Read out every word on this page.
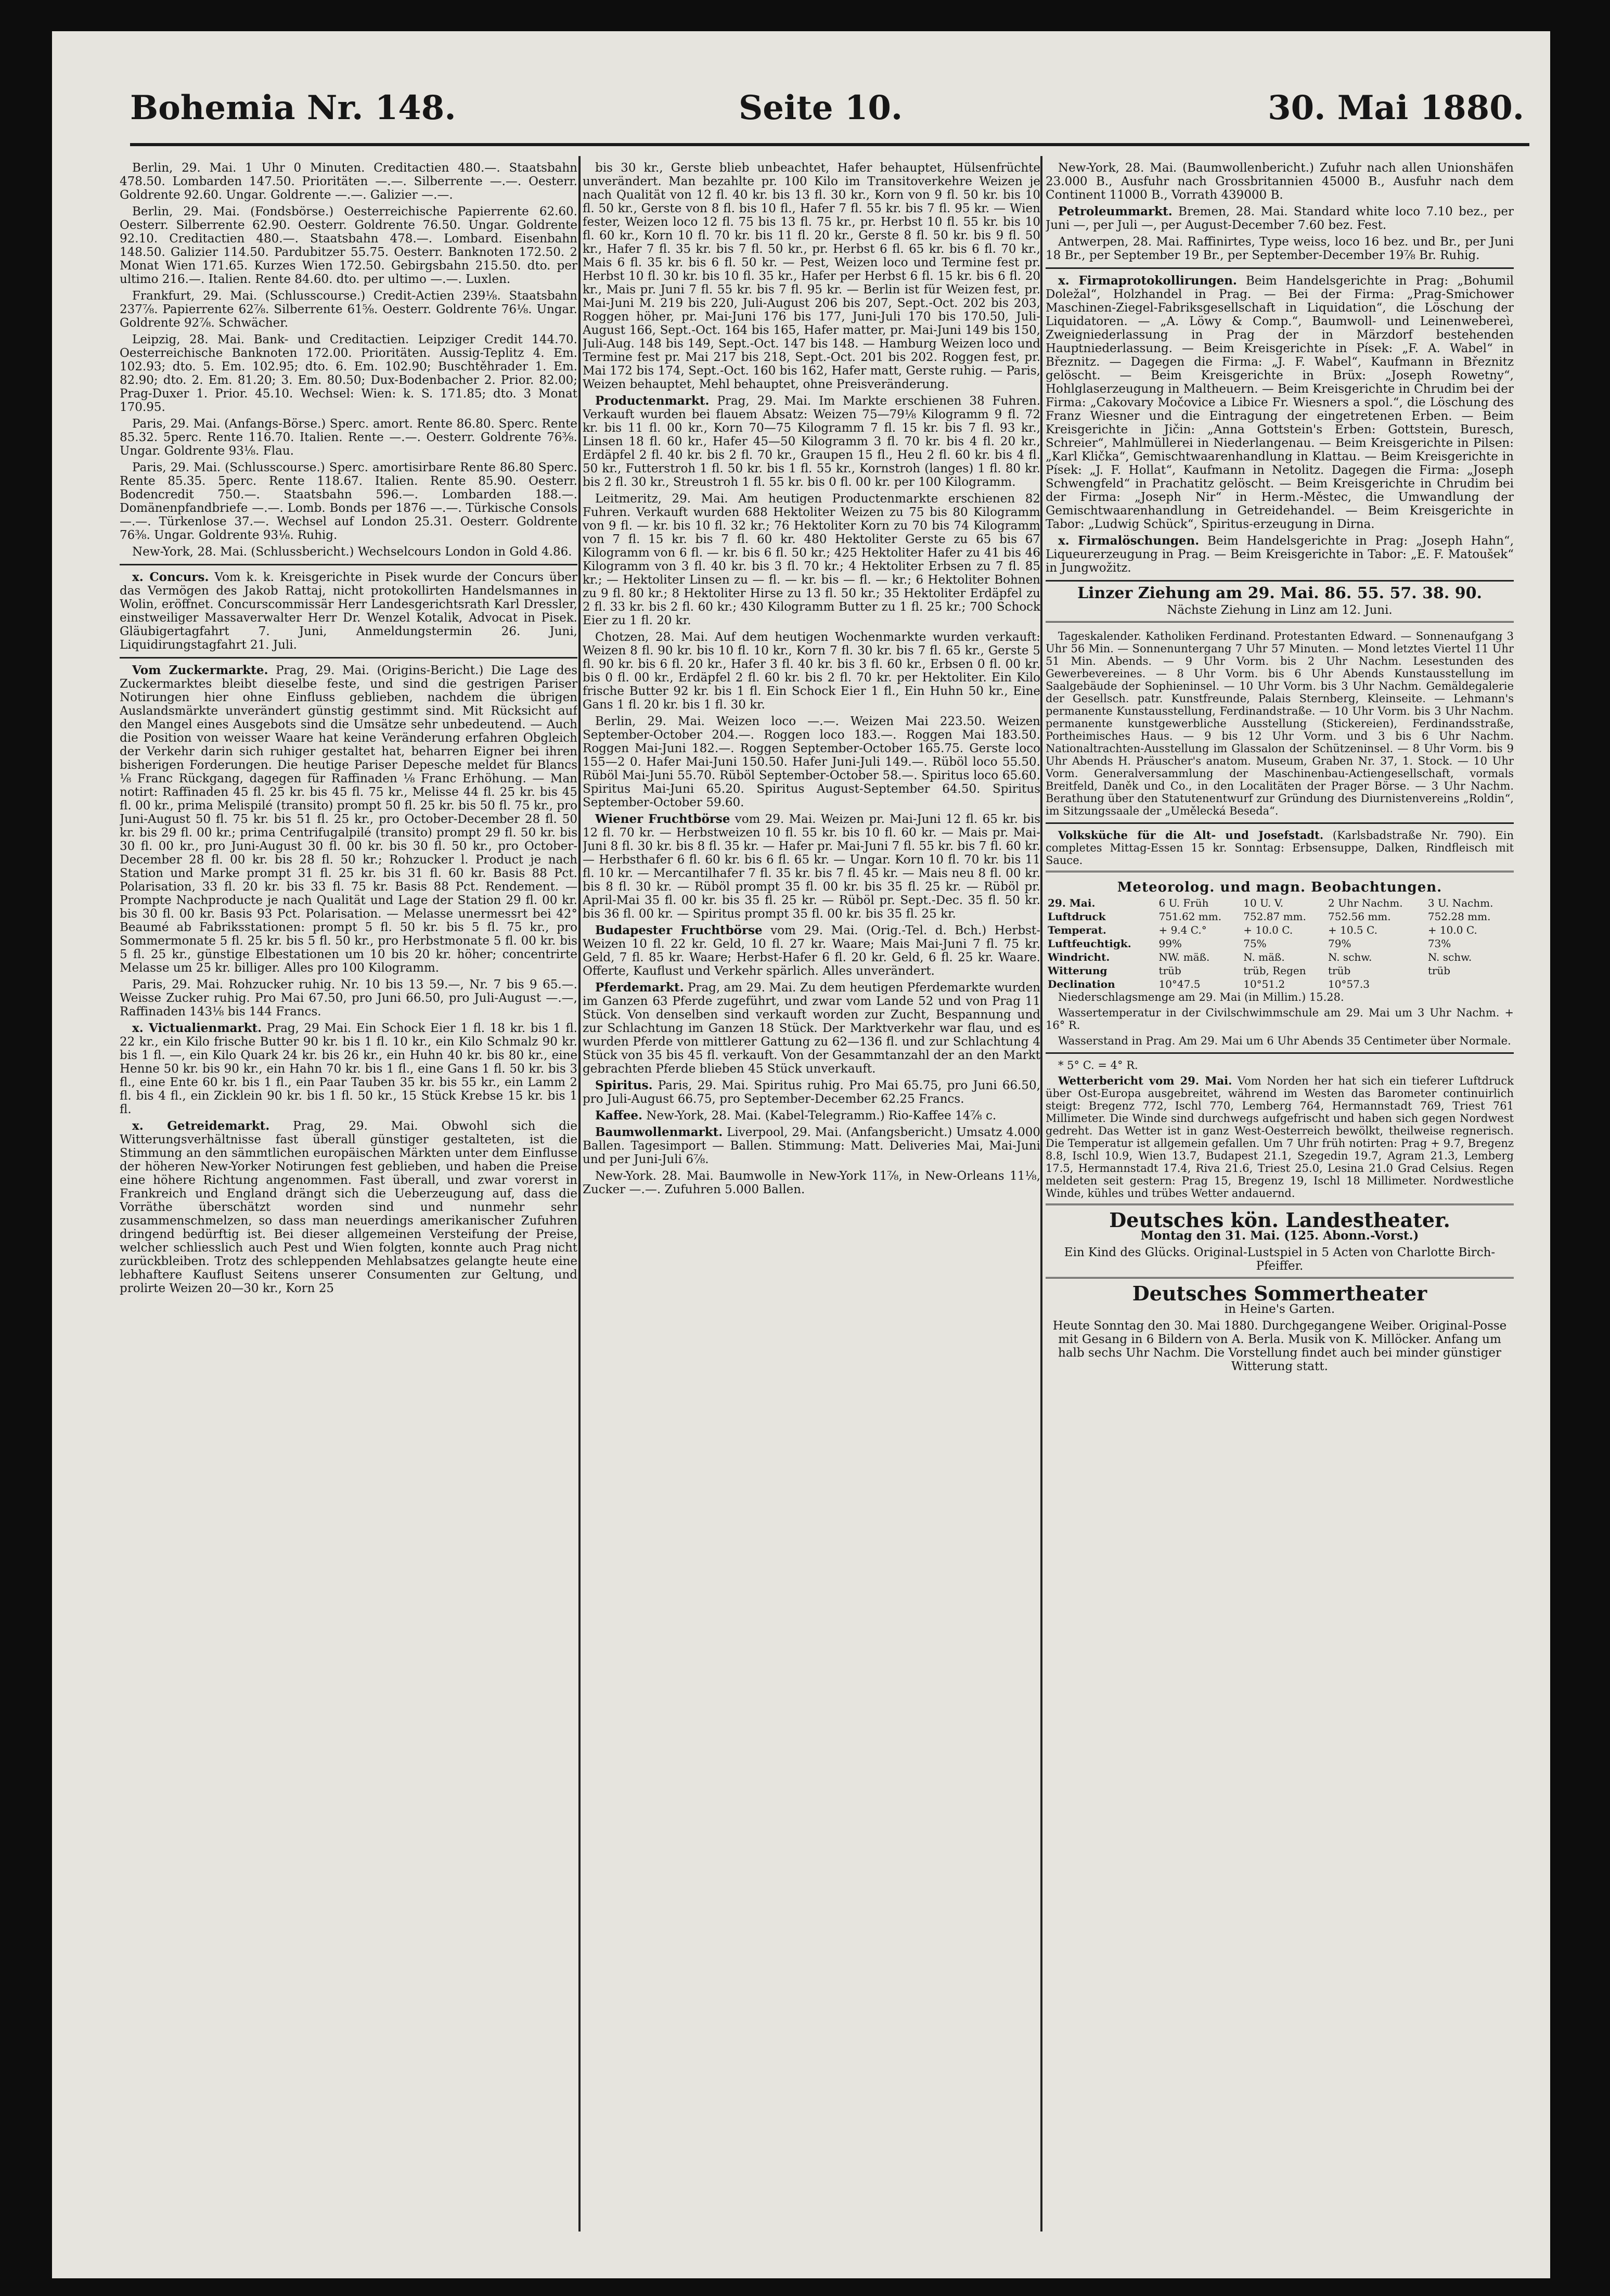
Bohemia Nr. 148.	Seite 10.	30. Mai 1880.

Berlin, 29. Mai. 1 Uhr 0 Minuten. Creditactien 480.—. Staatsbahn 478.50. Lombarden 147.50. Prioritäten —.—. Silberrente —.—. Oesterr. Goldrente 92.60. Ungar. Goldrente —.—. Galizier —.—.

Berlin, 29. Mai. (Fondsbörse.) Oesterreichische Papierrente 62.60. Oesterr. Silberrente 62.90. Oesterr. Goldrente 76.50. Ungar. Goldrente 92.10. Creditactien 480.—. Staatsbahn 478.—. Lombard. Eisenbahn 148.50. Galizier 114.50. Pardubitzer 55.75. Oesterr. Banknoten 172.50. 2 Monat Wien 171.65. Kurzes Wien 172.50. Gebirgsbahn 215.50. dto. per ultimo 216.—. Italien. Rente 84.60. dto. per ultimo —.—. Luxlen.

Frankfurt, 29. Mai. (Schlusscourse.) Credit-Actien 239⅛. Staatsbahn 237⅞. Papierrente 62⅞. Silberrente 61⅝. Oesterr. Goldrente 76⅛. Ungar. Goldrente 92⅞. Schwächer.

Leipzig, 28. Mai. Bank- und Creditactien. Leipziger Credit 144.70. Oesterreichische Banknoten 172.00. Prioritäten. Aussig-Teplitz 4. Em. 102.93; dto. 5. Em. 102.95; dto. 6. Em. 102.90; Buschtěhrader 1. Em. 82.90; dto. 2. Em. 81.20; 3. Em. 80.50; Dux-Bodenbacher 2. Prior. 82.00; Prag-Duxer 1. Prior. 45.10. Wechsel: Wien: k. S. 171.85; dto. 3 Monat 170.95.

Paris, 29. Mai. (Anfangs-Börse.) Sperc. amort. Rente 86.80. Sperc. Rente 85.32. 5perc. Rente 116.70. Italien. Rente —.—. Oesterr. Goldrente 76⅜. Ungar. Goldrente 93⅛. Flau.

Paris, 29. Mai. (Schlusscourse.) Sperc. amortisirbare Rente 86.80 Sperc. Rente 85.35. 5perc. Rente 118.67. Italien. Rente 85.90. Oesterr. Bodencredit 750.—. Staatsbahn 596.—. Lombarden 188.—. Domänenpfandbriefe —.—. Lomb. Bonds per 1876 —.—. Türkische Consols —.—. Türkenlose 37.—. Wechsel auf London 25.31. Oesterr. Goldrente 76⅜. Ungar. Goldrente 93⅛. Ruhig.

New-York, 28. Mai. (Schlussbericht.) Wechselcours London in Gold 4.86.

x. Concurs. Vom k. k. Kreisgerichte in Pisek wurde der Concurs über das Vermögen des Jakob Rattaj, nicht protokollirten Handelsmannes in Wolin, eröffnet. Concurscommissär Herr Landesgerichtsrath Karl Dressler, einstweiliger Massaverwalter Herr Dr. Wenzel Kotalik, Advocat in Pisek. Gläubigertagfahrt 7. Juni, Anmeldungstermin 26. Juni, Liquidirungstagfahrt 21. Juli.

Vom Zuckermarkte. Prag, 29. Mai. (Origins-Bericht.) Die Lage des Zuckermarktes bleibt dieselbe feste, und sind die gestrigen Pariser Notirungen hier ohne Einfluss geblieben, nachdem die übrigen Auslandsmärkte unverändert günstig gestimmt sind. Mit Rücksicht auf den Mangel eines Ausgebots sind die Umsätze sehr unbedeutend. — Auch die Position von weisser Waare hat keine Veränderung erfahren Obgleich der Verkehr darin sich ruhiger gestaltet hat, beharren Eigner bei ihren bisherigen Forderungen. Die heutige Pariser Depesche meldet für Blancs ⅛ Franc Rückgang, dagegen für Raffinaden ⅛ Franc Erhöhung. — Man notirt: Raffinaden 45 fl. 25 kr. bis 45 fl. 75 kr., Melisse 44 fl. 25 kr. bis 45 fl. 00 kr., prima Melispilé (transito) prompt 50 fl. 25 kr. bis 50 fl. 75 kr., pro Juni-August 50 fl. 75 kr. bis 51 fl. 25 kr., pro October-December 28 fl. 50 kr. bis 29 fl. 00 kr.; prima Centrifugalpilé (transito) prompt 29 fl. 50 kr. bis 30 fl. 00 kr., pro Juni-August 30 fl. 00 kr. bis 30 fl. 50 kr., pro October-December 28 fl. 00 kr. bis 28 fl. 50 kr.; Rohzucker l. Product je nach Station und Marke prompt 31 fl. 25 kr. bis 31 fl. 60 kr. Basis 88 Pct. Polarisation, 33 fl. 20 kr. bis 33 fl. 75 kr. Basis 88 Pct. Rendement. — Prompte Nachproducte je nach Qualität und Lage der Station 29 fl. 00 kr. bis 30 fl. 00 kr. Basis 93 Pct. Polarisation. — Melasse unermessrt bei 42° Beaumé ab Fabriksstationen: prompt 5 fl. 50 kr. bis 5 fl. 75 kr., pro Sommermonate 5 fl. 25 kr. bis 5 fl. 50 kr., pro Herbstmonate 5 fl. 00 kr. bis 5 fl. 25 kr., günstige Elbestationen um 10 bis 20 kr. höher; concentrirte Melasse um 25 kr. billiger. Alles pro 100 Kilogramm.

Paris, 29. Mai. Rohzucker ruhig. Nr. 10 bis 13 59.—, Nr. 7 bis 9 65.—. Weisse Zucker ruhig. Pro Mai 67.50, pro Juni 66.50, pro Juli-August —.—, Raffinaden 143⅛ bis 144 Francs.

x. Victualienmarkt. Prag, 29 Mai. Ein Schock Eier 1 fl. 18 kr. bis 1 fl. 22 kr., ein Kilo frische Butter 90 kr. bis 1 fl. 10 kr., ein Kilo Schmalz 90 kr. bis 1 fl. —, ein Kilo Quark 24 kr. bis 26 kr., ein Huhn 40 kr. bis 80 kr., eine Henne 50 kr. bis 90 kr., ein Hahn 70 kr. bis 1 fl., eine Gans 1 fl. 50 kr. bis 3 fl., eine Ente 60 kr. bis 1 fl., ein Paar Tauben 35 kr. bis 55 kr., ein Lamm 2 fl. bis 4 fl., ein Zicklein 90 kr. bis 1 fl. 50 kr., 15 Stück Krebse 15 kr. bis 1 fl.

x. Getreidemarkt. Prag, 29. Mai. Obwohl sich die Witterungsverhältnisse fast überall günstiger gestalteten, ist die Stimmung an den sämmtlichen europäischen Märkten unter dem Einflusse der höheren New-Yorker Notirungen fest geblieben, und haben die Preise eine höhere Richtung angenommen. Fast überall, und zwar vorerst in Frankreich und England drängt sich die Ueberzeugung auf, dass die Vorräthe überschätzt worden sind und nunmehr sehr zusammenschmelzen, so dass man neuerdings amerikanischer Zufuhren dringend bedürftig ist. Bei dieser allgemeinen Versteifung der Preise, welcher schliesslich auch Pest und Wien folgten, konnte auch Prag nicht zurückbleiben. Trotz des schleppenden Mehlabsatzes gelangte heute eine lebhaftere Kauflust Seitens unserer Consumenten zur Geltung, und prolirte Weizen 20—30 kr., Korn 25

bis 30 kr., Gerste blieb unbeachtet, Hafer behauptet, Hülsenfrüchte unverändert. Man bezahlte pr. 100 Kilo im Transitoverkehre Weizen je nach Qualität von 12 fl. 40 kr. bis 13 fl. 30 kr., Korn von 9 fl. 50 kr. bis 10 fl. 50 kr., Gerste von 8 fl. bis 10 fl., Hafer 7 fl. 55 kr. bis 7 fl. 95 kr. — Wien fester, Weizen loco 12 fl. 75 bis 13 fl. 75 kr., pr. Herbst 10 fl. 55 kr. bis 10 fl. 60 kr., Korn 10 fl. 70 kr. bis 11 fl. 20 kr., Gerste 8 fl. 50 kr. bis 9 fl. 50 kr., Hafer 7 fl. 35 kr. bis 7 fl. 50 kr., pr. Herbst 6 fl. 65 kr. bis 6 fl. 70 kr., Mais 6 fl. 35 kr. bis 6 fl. 50 kr. — Pest, Weizen loco und Termine fest pr. Herbst 10 fl. 30 kr. bis 10 fl. 35 kr., Hafer per Herbst 6 fl. 15 kr. bis 6 fl. 20 kr., Mais pr. Juni 7 fl. 55 kr. bis 7 fl. 95 kr. — Berlin ist für Weizen fest, pr. Mai-Juni M. 219 bis 220, Juli-August 206 bis 207, Sept.-Oct. 202 bis 203, Roggen höher, pr. Mai-Juni 176 bis 177, Juni-Juli 170 bis 170.50, Juli-August 166, Sept.-Oct. 164 bis 165, Hafer matter, pr. Mai-Juni 149 bis 150, Juli-Aug. 148 bis 149, Sept.-Oct. 147 bis 148. — Hamburg Weizen loco und Termine fest pr. Mai 217 bis 218, Sept.-Oct. 201 bis 202. Roggen fest, pr. Mai 172 bis 174, Sept.-Oct. 160 bis 162, Hafer matt, Gerste ruhig. — Paris, Weizen behauptet, Mehl behauptet, ohne Preisveränderung.

Productenmarkt. Prag, 29. Mai. Im Markte erschienen 38 Fuhren. Verkauft wurden bei flauem Absatz: Weizen 75—79⅛ Kilogramm 9 fl. 72 kr. bis 11 fl. 00 kr., Korn 70—75 Kilogramm 7 fl. 15 kr. bis 7 fl. 93 kr., Linsen 18 fl. 60 kr., Hafer 45—50 Kilogramm 3 fl. 70 kr. bis 4 fl. 20 kr., Erdäpfel 2 fl. 40 kr. bis 2 fl. 70 kr., Graupen 15 fl., Heu 2 fl. 60 kr. bis 4 fl. 50 kr., Futterstroh 1 fl. 50 kr. bis 1 fl. 55 kr., Kornstroh (langes) 1 fl. 80 kr. bis 2 fl. 30 kr., Streustroh 1 fl. 55 kr. bis 0 fl. 00 kr. per 100 Kilogramm.

Leitmeritz, 29. Mai. Am heutigen Productenmarkte erschienen 82 Fuhren. Verkauft wurden 688 Hektoliter Weizen zu 75 bis 80 Kilogramm von 9 fl. — kr. bis 10 fl. 32 kr.; 76 Hektoliter Korn zu 70 bis 74 Kilogramm von 7 fl. 15 kr. bis 7 fl. 60 kr. 480 Hektoliter Gerste zu 65 bis 67 Kilogramm von 6 fl. — kr. bis 6 fl. 50 kr.; 425 Hektoliter Hafer zu 41 bis 46 Kilogramm von 3 fl. 40 kr. bis 3 fl. 70 kr.; 4 Hektoliter Erbsen zu 7 fl. 85 kr.; — Hektoliter Linsen zu — fl. — kr. bis — fl. — kr.; 6 Hektoliter Bohnen zu 9 fl. 80 kr.; 8 Hektoliter Hirse zu 13 fl. 50 kr.; 35 Hektoliter Erdäpfel zu 2 fl. 33 kr. bis 2 fl. 60 kr.; 430 Kilogramm Butter zu 1 fl. 25 kr.; 700 Schock Eier zu 1 fl. 20 kr.

Chotzen, 28. Mai. Auf dem heutigen Wochenmarkte wurden verkauft: Weizen 8 fl. 90 kr. bis 10 fl. 10 kr., Korn 7 fl. 30 kr. bis 7 fl. 65 kr., Gerste 5 fl. 90 kr. bis 6 fl. 20 kr., Hafer 3 fl. 40 kr. bis 3 fl. 60 kr., Erbsen 0 fl. 00 kr. bis 0 fl. 00 kr., Erdäpfel 2 fl. 60 kr. bis 2 fl. 70 kr. per Hektoliter. Ein Kilo frische Butter 92 kr. bis 1 fl. Ein Schock Eier 1 fl., Ein Huhn 50 kr., Eine Gans 1 fl. 20 kr. bis 1 fl. 30 kr.

Berlin, 29. Mai. Weizen loco —.—. Weizen Mai 223.50. Weizen September-October 204.—. Roggen loco 183.—. Roggen Mai 183.50. Roggen Mai-Juni 182.—. Roggen September-October 165.75. Gerste loco 155—2 0. Hafer Mai-Juni 150.50. Hafer Juni-Juli 149.—. Rüböl loco 55.50. Rüböl Mai-Juni 55.70. Rüböl September-October 58.—. Spiritus loco 65.60. Spiritus Mai-Juni 65.20. Spiritus August-September 64.50. Spiritus September-October 59.60.

Wiener Fruchtbörse vom 29. Mai. Weizen pr. Mai-Juni 12 fl. 65 kr. bis 12 fl. 70 kr. — Herbstweizen 10 fl. 55 kr. bis 10 fl. 60 kr. — Mais pr. Mai-Juni 8 fl. 30 kr. bis 8 fl. 35 kr. — Hafer pr. Mai-Juni 7 fl. 55 kr. bis 7 fl. 60 kr. — Herbsthafer 6 fl. 60 kr. bis 6 fl. 65 kr. — Ungar. Korn 10 fl. 70 kr. bis 11 fl. 10 kr. — Mercantilhafer 7 fl. 35 kr. bis 7 fl. 45 kr. — Mais neu 8 fl. 00 kr. bis 8 fl. 30 kr. — Rüböl prompt 35 fl. 00 kr. bis 35 fl. 25 kr. — Rüböl pr. April-Mai 35 fl. 00 kr. bis 35 fl. 25 kr. — Rüböl pr. Sept.-Dec. 35 fl. 50 kr. bis 36 fl. 00 kr. — Spiritus prompt 35 fl. 00 kr. bis 35 fl. 25 kr.

Budapester Fruchtbörse vom 29. Mai. (Orig.-Tel. d. Bch.) Herbst-Weizen 10 fl. 22 kr. Geld, 10 fl. 27 kr. Waare; Mais Mai-Juni 7 fl. 75 kr. Geld, 7 fl. 85 kr. Waare; Herbst-Hafer 6 fl. 20 kr. Geld, 6 fl. 25 kr. Waare. Offerte, Kauflust und Verkehr spärlich. Alles unverändert.

Pferdemarkt. Prag, am 29. Mai. Zu dem heutigen Pferdemarkte wurden im Ganzen 63 Pferde zugeführt, und zwar vom Lande 52 und von Prag 11 Stück. Von denselben sind verkauft worden zur Zucht, Bespannung und zur Schlachtung im Ganzen 18 Stück. Der Marktverkehr war flau, und es wurden Pferde von mittlerer Gattung zu 62—136 fl. und zur Schlachtung 4 Stück von 35 bis 45 fl. verkauft. Von der Gesammtanzahl der an den Markt gebrachten Pferde blieben 45 Stück unverkauft.

Spiritus. Paris, 29. Mai. Spiritus ruhig. Pro Mai 65.75, pro Juni 66.50, pro Juli-August 66.75, pro September-December 62.25 Francs.

Kaffee. New-York, 28. Mai. (Kabel-Telegramm.) Rio-Kaffee 14⅞ c.

Baumwollenmarkt. Liverpool, 29. Mai. (Anfangsbericht.) Umsatz 4.000 Ballen. Tagesimport — Ballen. Stimmung: Matt. Deliveries Mai, Mai-Juni und per Juni-Juli 6⅞.

New-York. 28. Mai. Baumwolle in New-York 11⅞, in New-Orleans 11⅛, Zucker —.—. Zufuhren 5.000 Ballen.

New-York, 28. Mai. (Baumwollenbericht.) Zufuhr nach allen Unionshäfen 23.000 B., Ausfuhr nach Grossbritannien 45000 B., Ausfuhr nach dem Continent 11000 B., Vorrath 439000 B.

Petroleummarkt. Bremen, 28. Mai. Standard white loco 7.10 bez., per Juni —, per Juli —, per August-December 7.60 bez. Fest.

Antwerpen, 28. Mai. Raffinirtes, Type weiss, loco 16 bez. und Br., per Juni 18 Br., per September 19 Br., per September-December 19⅞ Br. Ruhig.

x. Firmaprotokollirungen. Beim Handelsgerichte in Prag: „Bohumil Doležal“, Holzhandel in Prag. — Bei der Firma: „Prag-Smichower Maschinen-Ziegel-Fabriksgesellschaft in Liquidation“, die Löschung der Liquidatoren. — „A. Löwy & Comp.“, Baumwoll- und Leinenwebereì, Zweigniederlassung in Prag der in Märzdorf bestehenden Hauptniederlassung. — Beim Kreisgerichte in Písek: „F. A. Wabel“ in Březnitz. — Dagegen die Firma: „J. F. Wabel“, Kaufmann in Březnitz gelöscht. — Beim Kreisgerichte in Brüx: „Joseph Rowetny“, Hohlglaserzeugung in Maltheuern. — Beim Kreisgerichte in Chrudim bei der Firma: „Cakovary Močovice a Libice Fr. Wiesners a spol.“, die Löschung des Franz Wiesner und die Eintragung der eingetretenen Erben. — Beim Kreisgerichte in Jičin: „Anna Gottstein's Erben: Gottstein, Buresch, Schreier“, Mahlmüllerei in Niederlangenau. — Beim Kreisgerichte in Pilsen: „Karl Klička“, Gemischtwaarenhandlung in Klattau. — Beim Kreisgerichte in Písek: „J. F. Hollat“, Kaufmann in Netolitz. Dagegen die Firma: „Joseph Schwengfeld“ in Prachatitz gelöscht. — Beim Kreisgerichte in Chrudim bei der Firma: „Joseph Nir“ in Herm.-Městec, die Umwandlung der Gemischtwaarenhandlung in Getreidehandel. — Beim Kreisgerichte in Tabor: „Ludwig Schück“, Spiritus-erzeugung in Dirna.

x. Firmalöschungen. Beim Handelsgerichte in Prag: „Joseph Hahn“, Liqueurerzeugung in Prag. — Beim Kreisgerichte in Tabor: „E. F. Matoušek“ in Jungwožitz.

Linzer Ziehung am 29. Mai. 86. 55. 57. 38. 90.

Nächste Ziehung in Linz am 12. Juni.

Tageskalender. Katholiken Ferdinand. Protestanten Edward. — Sonnenaufgang 3 Uhr 56 Min. — Sonnenuntergang 7 Uhr 57 Minuten. — Mond letztes Viertel 11 Uhr 51 Min. Abends. — 9 Uhr Vorm. bis 2 Uhr Nachm. Lesestunden des Gewerbevereines. — 8 Uhr Vorm. bis 6 Uhr Abends Kunstausstellung im Saalgebäude der Sophieninsel. — 10 Uhr Vorm. bis 3 Uhr Nachm. Gemäldegalerie der Gesellsch. patr. Kunstfreunde, Palais Sternberg, Kleinseite. — Lehmann's permanente Kunstausstellung, Ferdinandstraße. — 10 Uhr Vorm. bis 3 Uhr Nachm. permanente kunstgewerbliche Ausstellung (Stickereien), Ferdinandsstraße, Portheimisches Haus. — 9 bis 12 Uhr Vorm. und 3 bis 6 Uhr Nachm. Nationaltrachten-Ausstellung im Glassalon der Schützeninsel. — 8 Uhr Vorm. bis 9 Uhr Abends H. Präuscher's anatom. Museum, Graben Nr. 37, 1. Stock. — 10 Uhr Vorm. Generalversammlung der Maschinenbau-Actiengesellschaft, vormals Breitfeld, Daněk und Co., in den Localitäten der Prager Börse. — 3 Uhr Nachm. Berathung über den Statutenentwurf zur Gründung des Diurnistenvereins „Roldin“, im Sitzungssaale der „Umělecká Beseda“.

Volksküche für die Alt- und Josefstadt. (Karlsbadstraße Nr. 790). Ein completes Mittag-Essen 15 kr. Sonntag: Erbsensuppe, Dalken, Rindfleisch mit Sauce.

Meteorolog. und magn. Beobachtungen.
29. Mai.	6 U. Früh	10 U. V.	2 Uhr Nachm.	3 U. Nachm.
Luftdruck	751.62 mm.	752.87 mm.	752.56 mm.	752.28 mm.
Temperat.	+ 9.4 C.°	+ 10.0 C.	+ 10.5 C.	+ 10.0 C.
Luftfeuchtigk.	99%	75%	79%	73%
Windricht.	NW. mäß.	N. mäß.	N. schw.	N. schw.
Witterung	trüb	trüb, Regen	trüb	trüb
Declination	10°47.5	10°51.2	10°57.3	

Niederschlagsmenge am 29. Mai (in Millim.) 15.28.

Wassertemperatur in der Civilschwimmschule am 29. Mai um 3 Uhr Nachm. + 16° R.

Wasserstand in Prag. Am 29. Mai um 6 Uhr Abends 35 Centimeter über Normale.

* 5° C. = 4° R.

Wetterbericht vom 29. Mai. Vom Norden her hat sich ein tieferer Luftdruck über Ost-Europa ausgebreitet, während im Westen das Barometer continuirlich steigt: Bregenz 772, Ischl 770, Lemberg 764, Hermannstadt 769, Triest 761 Millimeter. Die Winde sind durchwegs aufgefrischt und haben sich gegen Nordwest gedreht. Das Wetter ist in ganz West-Oesterreich bewölkt, theilweise regnerisch. Die Temperatur ist allgemein gefallen. Um 7 Uhr früh notirten: Prag + 9.7, Bregenz 8.8, Ischl 10.9, Wien 13.7, Budapest 21.1, Szegedin 19.7, Agram 21.3, Lemberg 17.5, Hermannstadt 17.4, Riva 21.6, Triest 25.0, Lesina 21.0 Grad Celsius. Regen meldeten seit gestern: Prag 15, Bregenz 19, Ischl 18 Millimeter. Nordwestliche Winde, kühles und trübes Wetter andauernd.

Deutsches kön. Landestheater.

Montag den 31. Mai. (125. Abonn.-Vorst.)

Ein Kind des Glücks. Original-Lustspiel in 5 Acten von Charlotte Birch-Pfeiffer.

Deutsches Sommertheater

in Heine's Garten.

Heute Sonntag den 30. Mai 1880. Durchgegangene Weiber. Original-Posse mit Gesang in 6 Bildern von A. Berla. Musik von K. Millöcker. Anfang um halb sechs Uhr Nachm. Die Vorstellung findet auch bei minder günstiger Witterung statt.
